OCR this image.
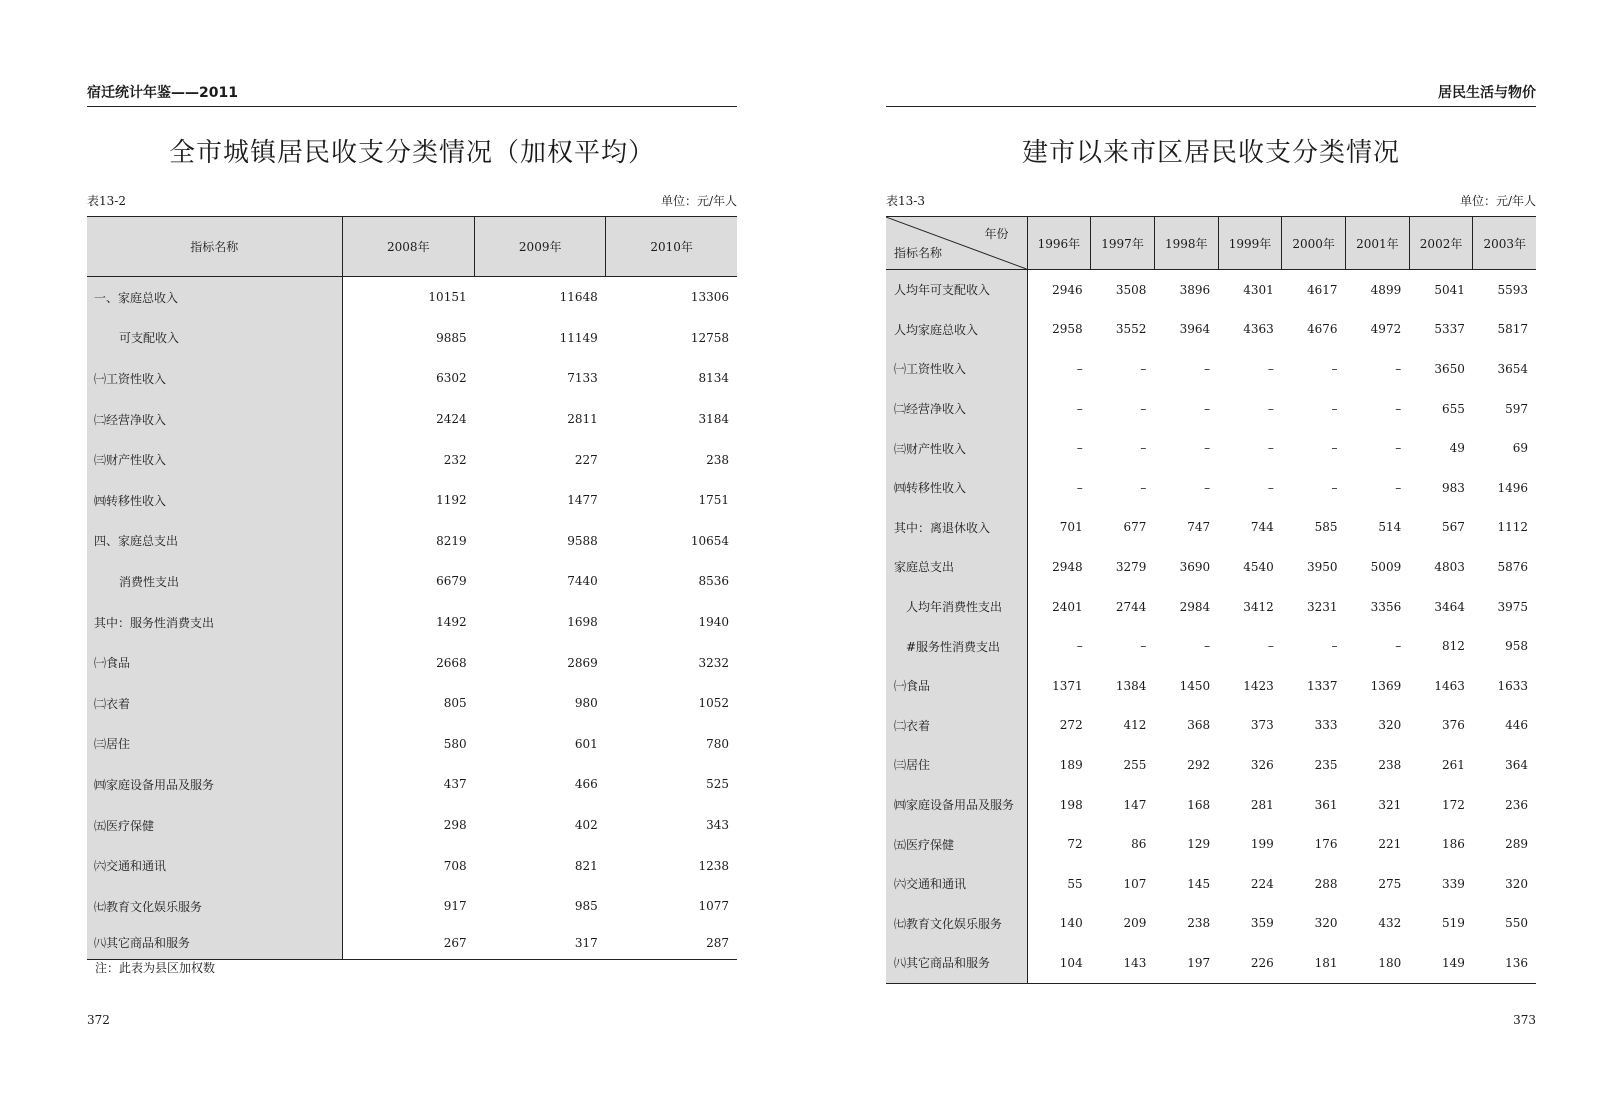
宿迁统计年鉴——2011
全市城镇居民收支分类情况（加权平均）
表13-2	单位：元/年人
指标名称	2008年	2009年	2010年
一、家庭总收入	10151	11648	13306
可支配收入	9885	11149	12758
㈠工资性收入	6302	7133	8134
㈡经营净收入	2424	2811	3184
㈢财产性收入	232	227	238
㈣转移性收入	1192	1477	1751
四、家庭总支出	8219	9588	10654
消费性支出	6679	7440	8536
其中：服务性消费支出	1492	1698	1940
㈠食品	2668	2869	3232
㈡衣着	805	980	1052
㈢居住	580	601	780
㈣家庭设备用品及服务	437	466	525
㈤医疗保健	298	402	343
㈥交通和通讯	708	821	1238
㈦教育文化娱乐服务	917	985	1077
㈧其它商品和服务	267	317	287
注：此表为县区加权数
372
居民生活与物价
建市以来市区居民收支分类情况
表13-3	单位：元/年人
年份
指标名称	1996年	1997年	1998年	1999年	2000年	2001年	2002年	2003年
人均年可支配收入	2946	3508	3896	4301	4617	4899	5041	5593
人均家庭总收入	2958	3552	3964	4363	4676	4972	5337	5817
㈠工资性收入	–	–	–	–	–	–	3650	3654
㈡经营净收入	–	–	–	–	–	–	655	597
㈢财产性收入	–	–	–	–	–	–	49	69
㈣转移性收入	–	–	–	–	–	–	983	1496
其中：离退休收入	701	677	747	744	585	514	567	1112
家庭总支出	2948	3279	3690	4540	3950	5009	4803	5876
人均年消费性支出	2401	2744	2984	3412	3231	3356	3464	3975
#服务性消费支出	–	–	–	–	–	–	812	958
㈠食品	1371	1384	1450	1423	1337	1369	1463	1633
㈡衣着	272	412	368	373	333	320	376	446
㈢居住	189	255	292	326	235	238	261	364
㈣家庭设备用品及服务	198	147	168	281	361	321	172	236
㈤医疗保健	72	86	129	199	176	221	186	289
㈥交通和通讯	55	107	145	224	288	275	339	320
㈦教育文化娱乐服务	140	209	238	359	320	432	519	550
㈧其它商品和服务	104	143	197	226	181	180	149	136
373
